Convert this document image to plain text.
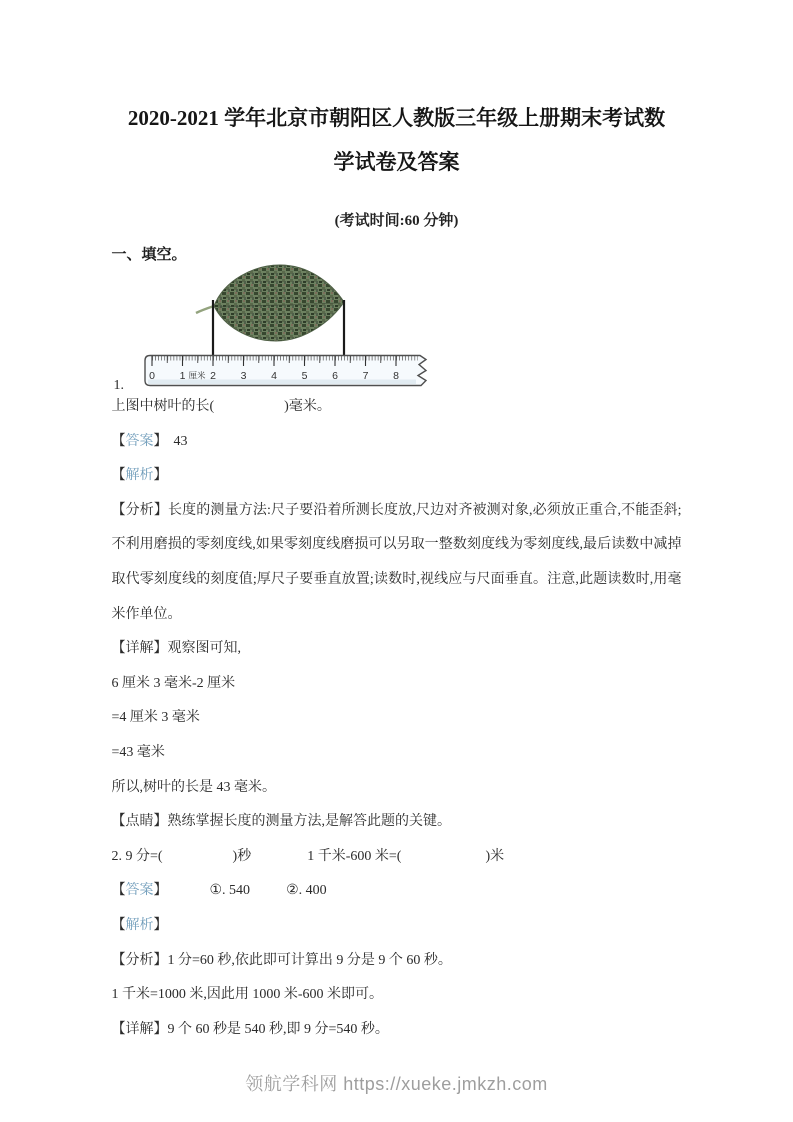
2020-2021 学年北京市朝阳区人教版三年级上册期末考试数
学试卷及答案

(考试时间:60 分钟)

一、填空。
1.
0 1 厘米 2 3 4 5 6 7 8

上图中树叶的长(　　　　　)毫米。

【答案】 43

【解析】

【分析】长度的测量方法:尺子要沿着所测长度放,尺边对齐被测对象,必须放正重合,不能歪斜;不利用磨损的零刻度线,如果零刻度线磨损可以另取一整数刻度线为零刻度线,最后读数中减掉取代零刻度线的刻度值;厚尺子要垂直放置;读数时,视线应与尺面垂直。注意,此题读数时,用毫米作单位。

【详解】观察图可知,

6 厘米 3 毫米-2 厘米

=4 厘米 3 毫米

=43 毫米

所以,树叶的长是 43 毫米。

【点睛】熟练掌握长度的测量方法,是解答此题的关键。

2. 9 分=(　　　　　)秒　　　　1 千米-600 米=(　　　　　　)米

【答案】	①. 540	②. 400

【解析】

【分析】1 分=60 秒,依此即可计算出 9 分是 9 个 60 秒。

1 千米=1000 米,因此用 1000 米-600 米即可。

【详解】9 个 60 秒是 540 秒,即 9 分=540 秒。

领航学科网 https://xueke.jmkzh.com
